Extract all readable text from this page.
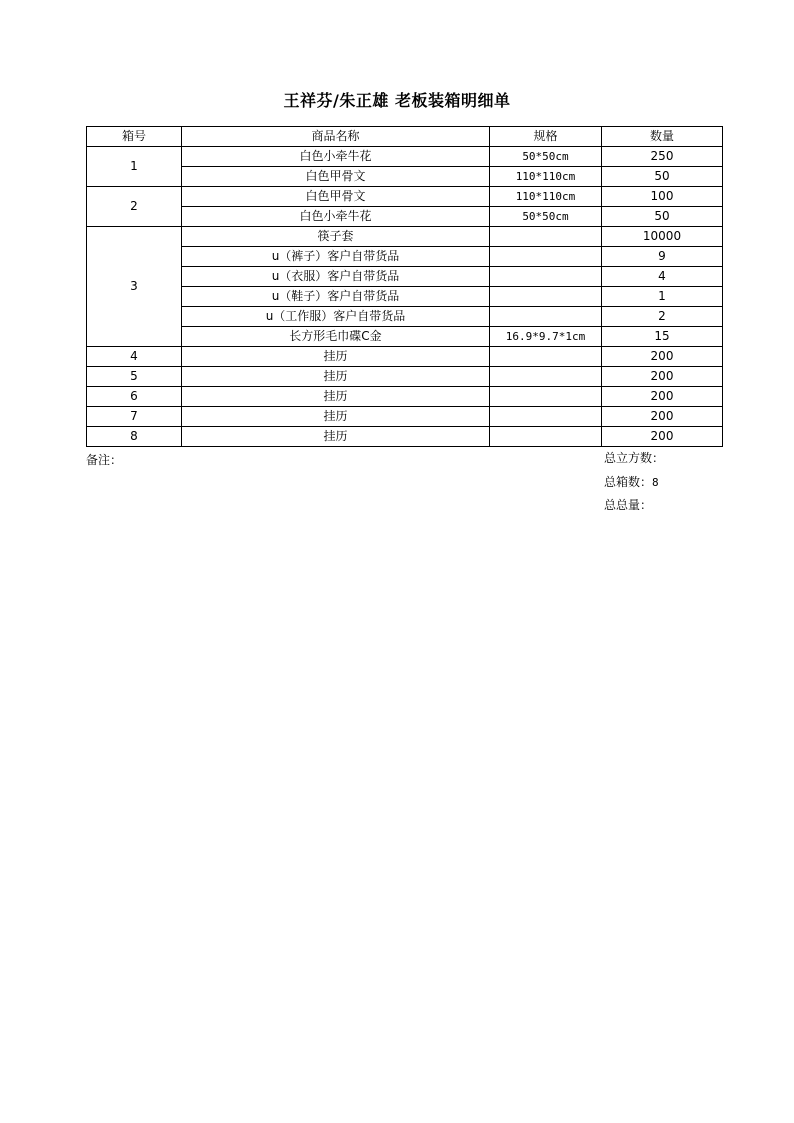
王祥芬/朱正雄 老板装箱明细单
箱号	商品名称	规格	数量
1	白色小牵牛花	50*50cm	250
	白色甲骨文	110*110cm	50
2	白色甲骨文	110*110cm	100
	白色小牵牛花	50*50cm	50
3	筷子套		10000
	u（裤子）客户自带货品		9
	u（衣服）客户自带货品		4
	u（鞋子）客户自带货品		1
	u（工作服）客户自带货品		2
	长方形毛巾碟C金	16.9*9.7*1cm	15
4	挂历		200
5	挂历		200
6	挂历		200
7	挂历		200
8	挂历		200
备注：	总立方数：
总箱数：8
总总量：
